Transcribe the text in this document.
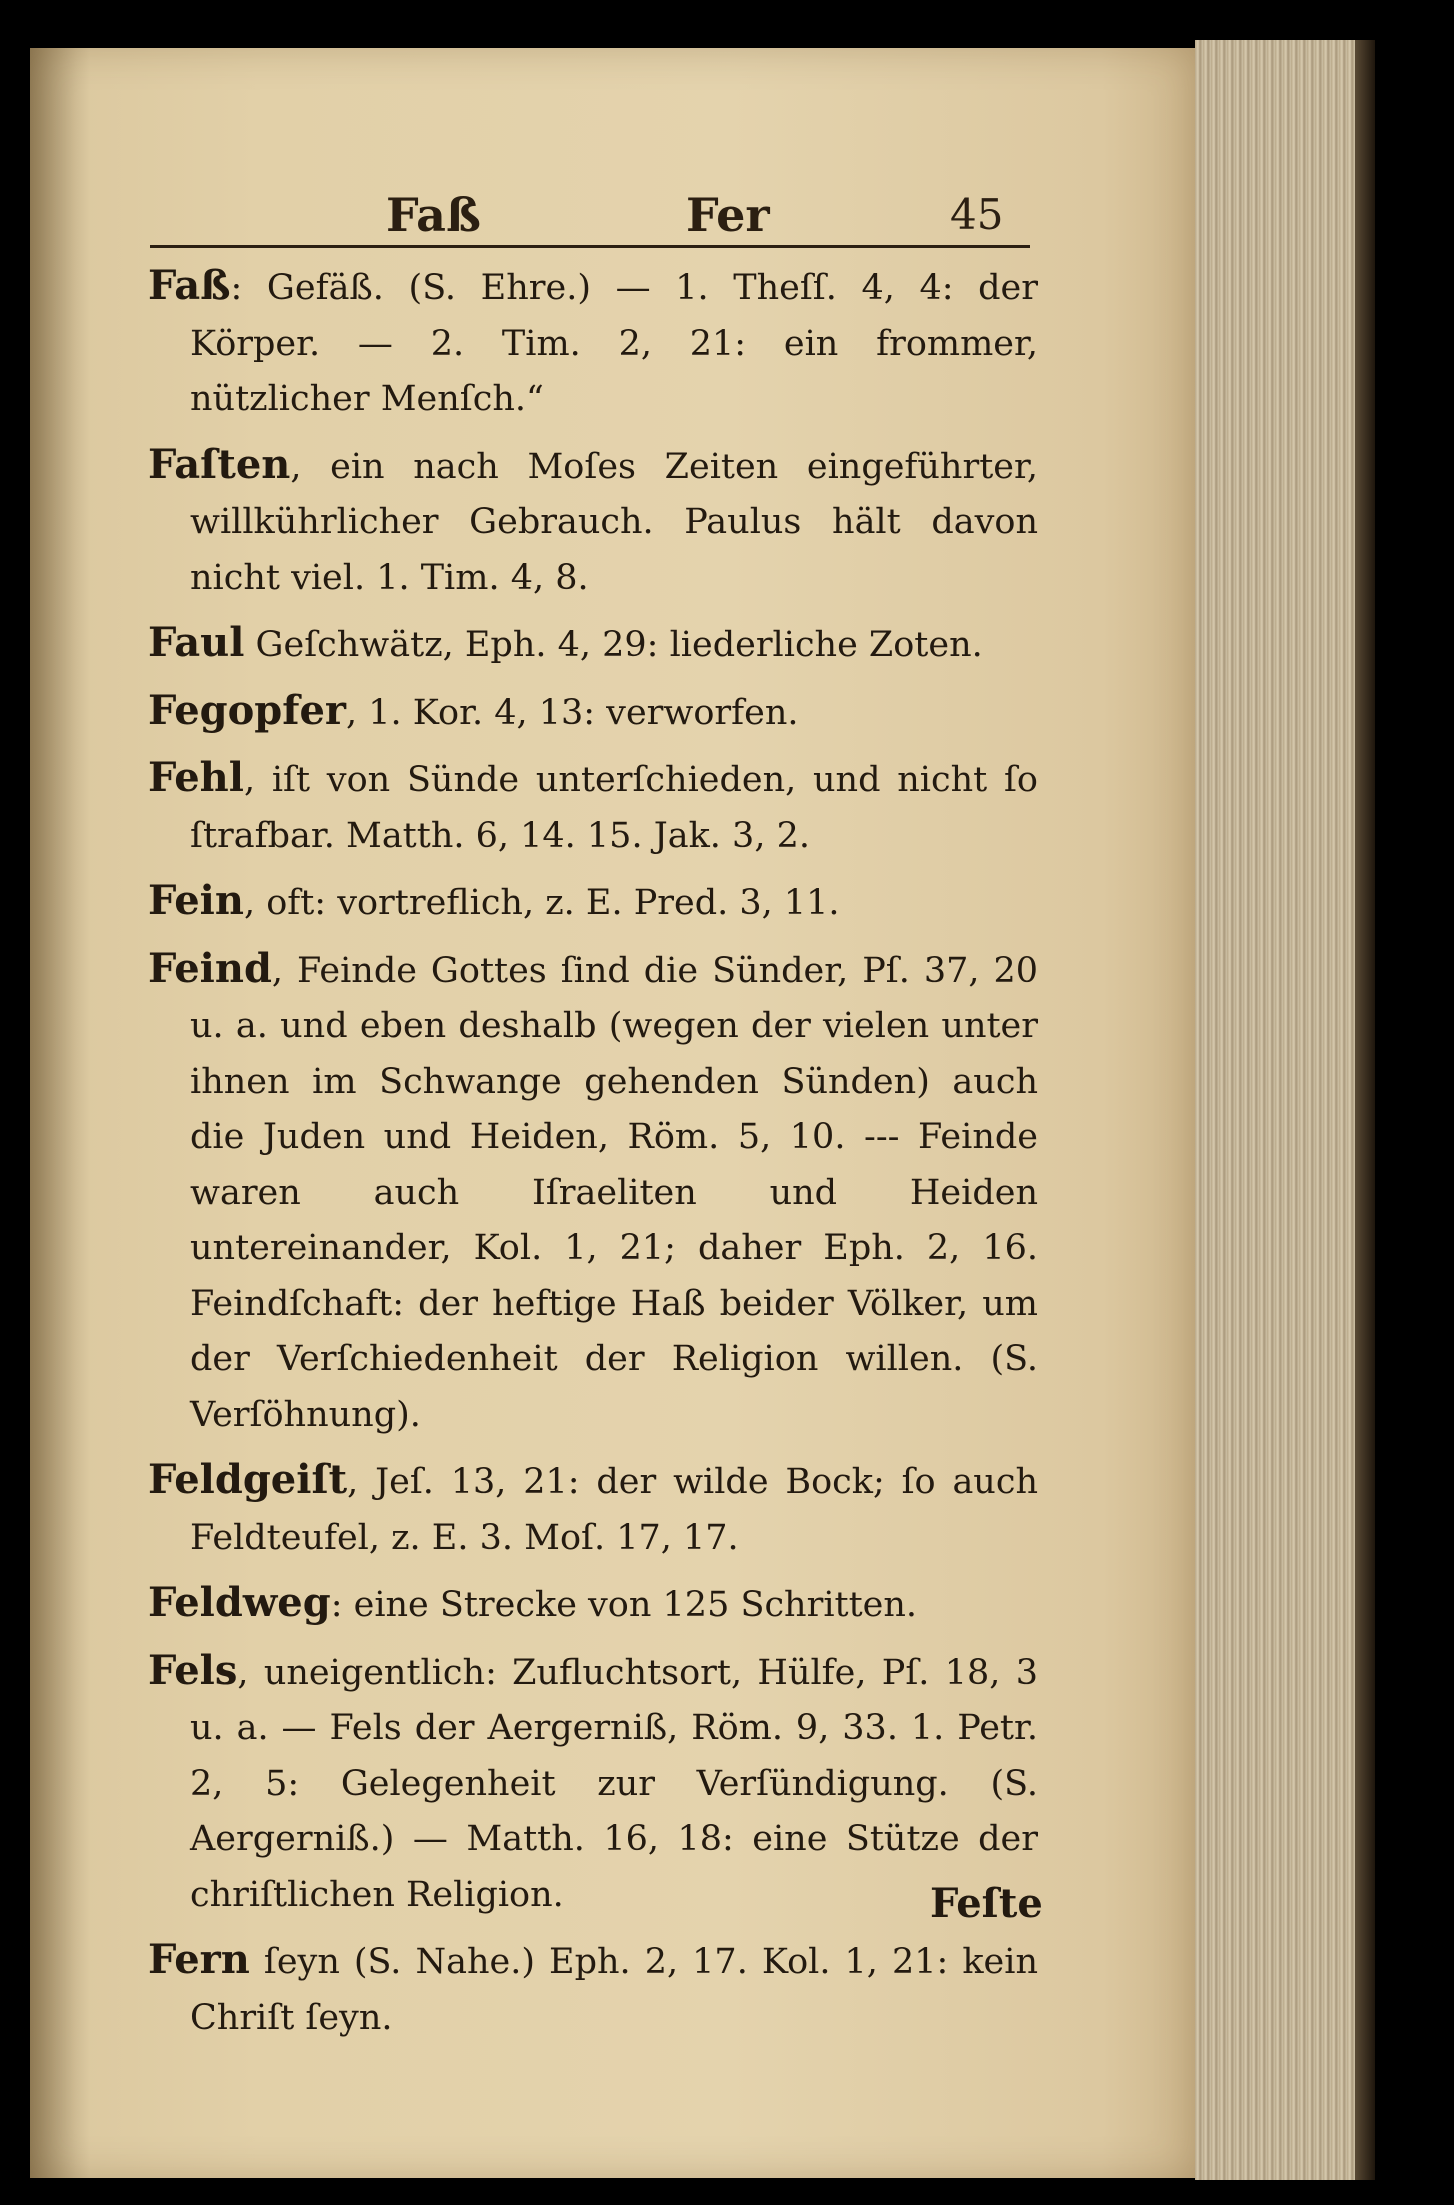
Faß	Fer	45

Faß: Gefäß. (S. Ehre.) — 1. Theſſ. 4, 4: der Körper. — 2. Tim. 2, 21: ein frommer, nützlicher Menſch.“

Faſten, ein nach Moſes Zeiten eingeführter, willkührlicher Gebrauch. Paulus hält davon nicht viel. 1. Tim. 4, 8.

Faul Geſchwätz, Eph. 4, 29: liederliche Zoten.

Fegopfer, 1. Kor. 4, 13: verworfen.

Fehl, iſt von Sünde unterſchieden, und nicht ſo ſtrafbar. Matth. 6, 14. 15. Jak. 3, 2.

Fein, oft: vortreflich, z. E. Pred. 3, 11.

Feind, Feinde Gottes ſind die Sünder, Pſ. 37, 20 u. a. und eben deshalb (wegen der vielen unter ihnen im Schwange gehenden Sünden) auch die Juden und Heiden, Röm. 5, 10. --- Feinde waren auch Iſraeliten und Heiden untereinander, Kol. 1, 21; daher Eph. 2, 16. Feindſchaft: der heftige Haß beider Völker, um der Verſchiedenheit der Religion willen. (S. Verſöhnung).

Feldgeiſt, Jeſ. 13, 21: der wilde Bock; ſo auch Feldteufel, z. E. 3. Moſ. 17, 17.

Feldweg: eine Strecke von 125 Schritten.

Fels, uneigentlich: Zufluchtsort, Hülfe, Pſ. 18, 3 u. a. — Fels der Aergerniß, Röm. 9, 33. 1. Petr. 2, 5: Gelegenheit zur Verſündigung. (S. Aergerniß.) — Matth. 16, 18: eine Stütze der chriſtlichen Religion.

Fern ſeyn (S. Nahe.) Eph. 2, 17. Kol. 1, 21: kein Chriſt ſeyn.

Feſte
